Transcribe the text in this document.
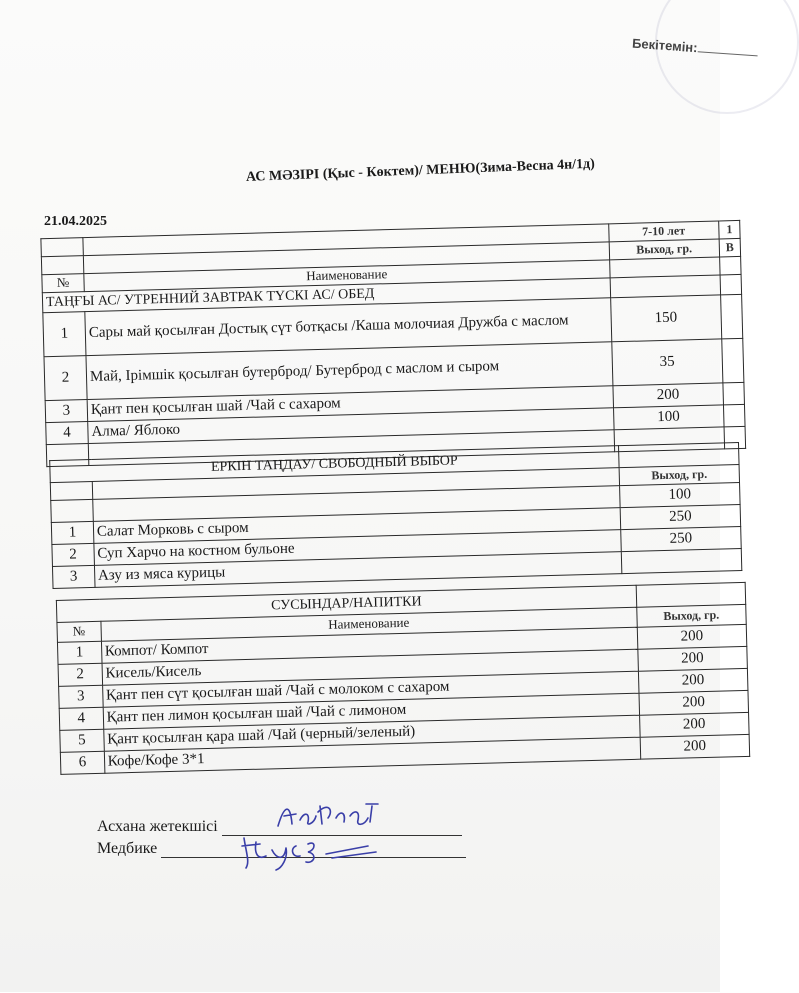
Бекітемін:
АС МӘЗІРІ (Қыс - Көктем)/ МЕНЮ(Зима-Весна 4н/1д)
21.04.2025
		7-10 лет	1
		Выход, гр.	В
№	Наименование		
ТАҢҒЫ АС/ УТРЕННИЙ ЗАВТРАК ТҮСКІ АС/ ОБЕД			
1	Сары май қосылған Достық сүт ботқасы /Каша молочиая Дружба с маслом	150	
2	Май, Ірімшік қосылған бутерброд/ Бутерброд с маслом и сыром	35	
3	Қант пен қосылған шай /Чай с сахаром	200	
4	Алма/ Яблоко	100	

ЕРКІН ТАҢДАУ/ СВОБОДНЫЙ ВЫБОР		
		Выход, гр.
		100
1	Салат Морковь с сыром	250
2	Суп Харчо на костном бульоне	250
3	Азу из мяса курицы	
СУСЫНДАР/НАПИТКИ		
№	Наименование	Выход, гр.
1	Компот/ Компот	200
2	Кисель/Кисель	200
3	Қант пен сүт қосылған шай /Чай с молоком с сахаром	200
4	Қант пен лимон қосылған шай /Чай с лимоном	200
5	Қант қосылған қара шай /Чай (черный/зеленый)	200
6	Кофе/Кофе 3*1	200
Асхана жетекшісі
Медбике
